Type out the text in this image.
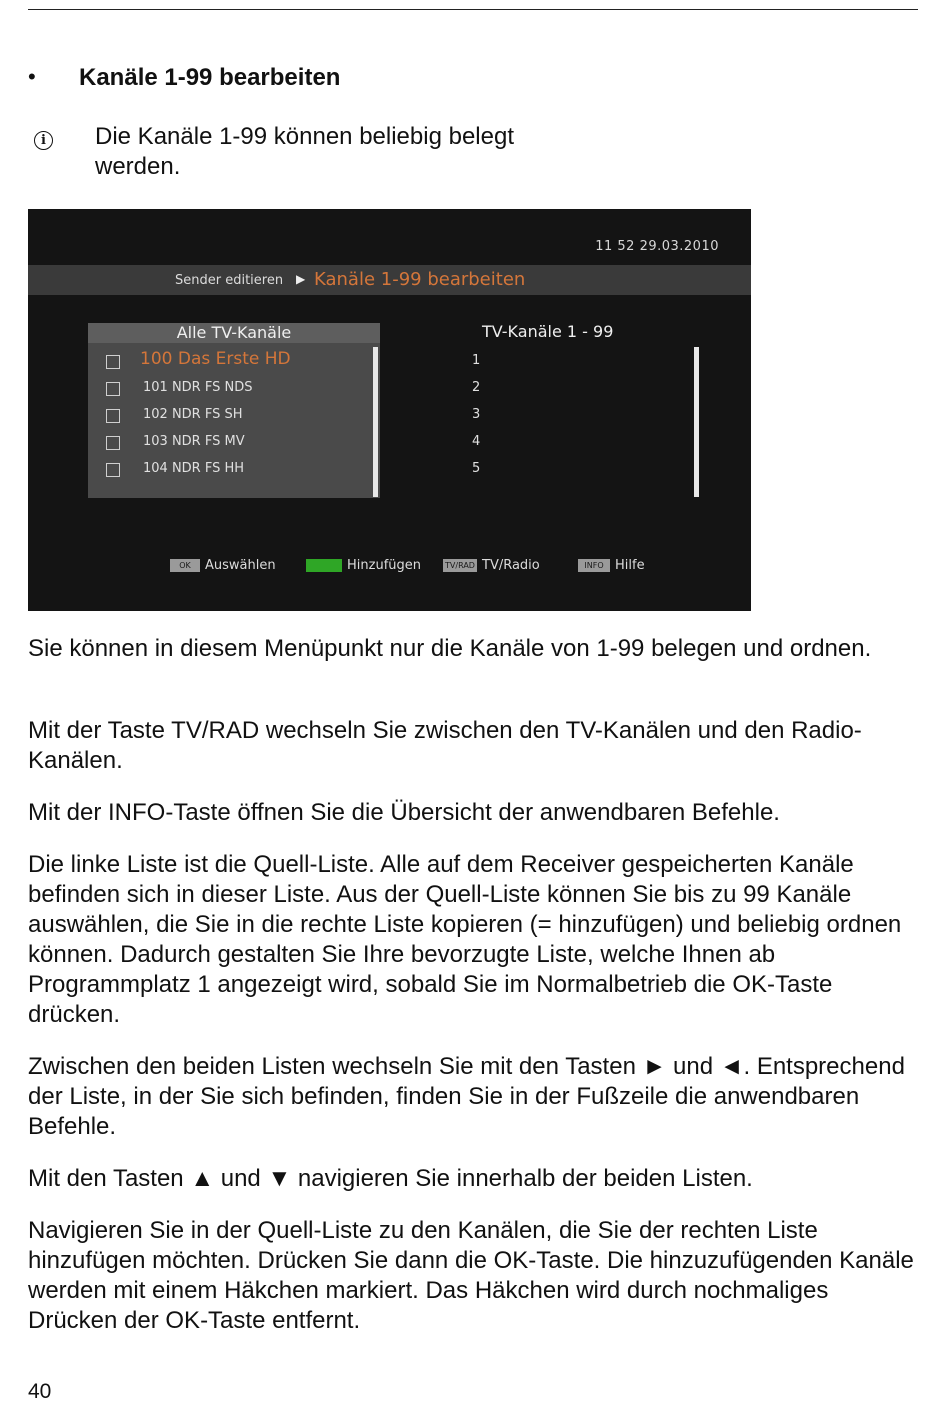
• Kanäle 1-99 bearbeiten
i Die Kanäle 1-99 können beliebig belegt werden.
11 52 29.03.2010
Sender editieren ▶ Kanäle 1-99 bearbeiten
Alle TV-Kanäle	TV-Kanäle 1 - 99
100 Das Erste HD
101 NDR FS NDS
102 NDR FS SH
103 NDR FS MV
104 NDR FS HH
1
2
3
4
5
OK Auswählen	Hinzufügen	TV/RAD TV/Radio	INFO Hilfe
Sie können in diesem Menüpunkt nur die Kanäle von 1-99 belegen und ordnen.
Mit der Taste TV/RAD wechseln Sie zwischen den TV-Kanälen und den Radio-Kanälen.
Mit der INFO-Taste öffnen Sie die Übersicht der anwendbaren Befehle.
Die linke Liste ist die Quell-Liste. Alle auf dem Receiver gespeicherten Kanäle befinden sich in dieser Liste. Aus der Quell-Liste können Sie bis zu 99 Kanäle auswählen, die Sie in die rechte Liste kopieren (= hinzufügen) und beliebig ordnen können. Dadurch gestalten Sie Ihre bevorzugte Liste, welche Ihnen ab Programmplatz 1 angezeigt wird, sobald Sie im Normalbetrieb die OK-Taste drücken.
Zwischen den beiden Listen wechseln Sie mit den Tasten ► und ◄. Entsprechend der Liste, in der Sie sich befinden, finden Sie in der Fußzeile die anwendbaren Befehle.
Mit den Tasten ▲ und ▼ navigieren Sie innerhalb der beiden Listen.
Navigieren Sie in der Quell-Liste zu den Kanälen, die Sie der rechten Liste hinzufügen möchten. Drücken Sie dann die OK-Taste. Die hinzuzufügenden Kanäle werden mit einem Häkchen markiert. Das Häkchen wird durch nochmaliges Drücken der OK-Taste entfernt.
40
